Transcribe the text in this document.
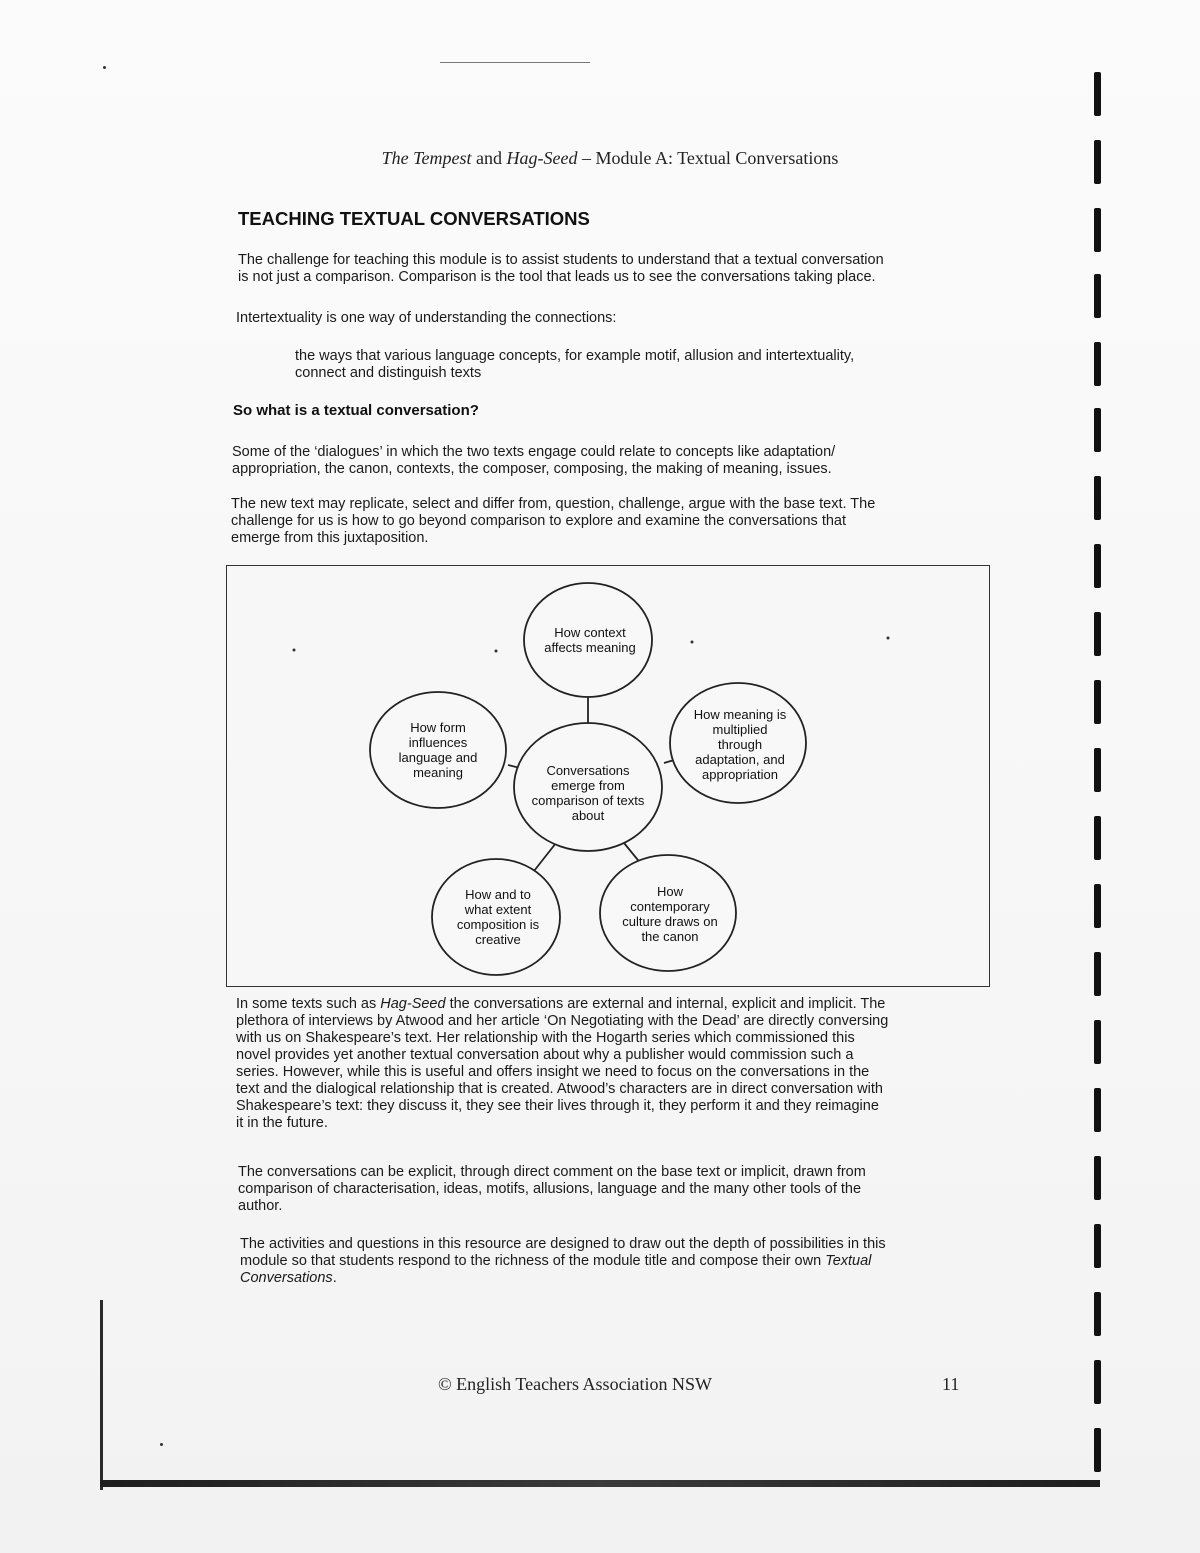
The Tempest and Hag-Seed – Module A: Textual Conversations
TEACHING TEXTUAL CONVERSATIONS
The challenge for teaching this module is to assist students to understand that a textual conversation
is not just a comparison. Comparison is the tool that leads us to see the conversations taking place.
Intertextuality is one way of understanding the connections:
the ways that various language concepts, for example motif, allusion and intertextuality,
connect and distinguish texts
So what is a textual conversation?
Some of the ‘dialogues’ in which the two texts engage could relate to concepts like adaptation/
appropriation, the canon, contexts, the composer, composing, the making of meaning, issues.
The new text may replicate, select and differ from, question, challenge, argue with the base text. The
challenge for us is how to go beyond comparison to explore and examine the conversations that
emerge from this juxtaposition.
How context affects meaning
How form influences language and meaning
How meaning is multiplied through adaptation, and appropriation
Conversations emerge from comparison of texts about
How and to what extent composition is creative
How contemporary culture draws on the canon
In some texts such as Hag-Seed the conversations are external and internal, explicit and implicit. The
plethora of interviews by Atwood and her article ‘On Negotiating with the Dead’ are directly conversing
with us on Shakespeare’s text. Her relationship with the Hogarth series which commissioned this
novel provides yet another textual conversation about why a publisher would commission such a
series. However, while this is useful and offers insight we need to focus on the conversations in the
text and the dialogical relationship that is created. Atwood’s characters are in direct conversation with
Shakespeare’s text: they discuss it, they see their lives through it, they perform it and they reimagine
it in the future.
The conversations can be explicit, through direct comment on the base text or implicit, drawn from
comparison of characterisation, ideas, motifs, allusions, language and the many other tools of the
author.
The activities and questions in this resource are designed to draw out the depth of possibilities in this
module so that students respond to the richness of the module title and compose their own Textual
Conversations.
© English Teachers Association NSW	11
